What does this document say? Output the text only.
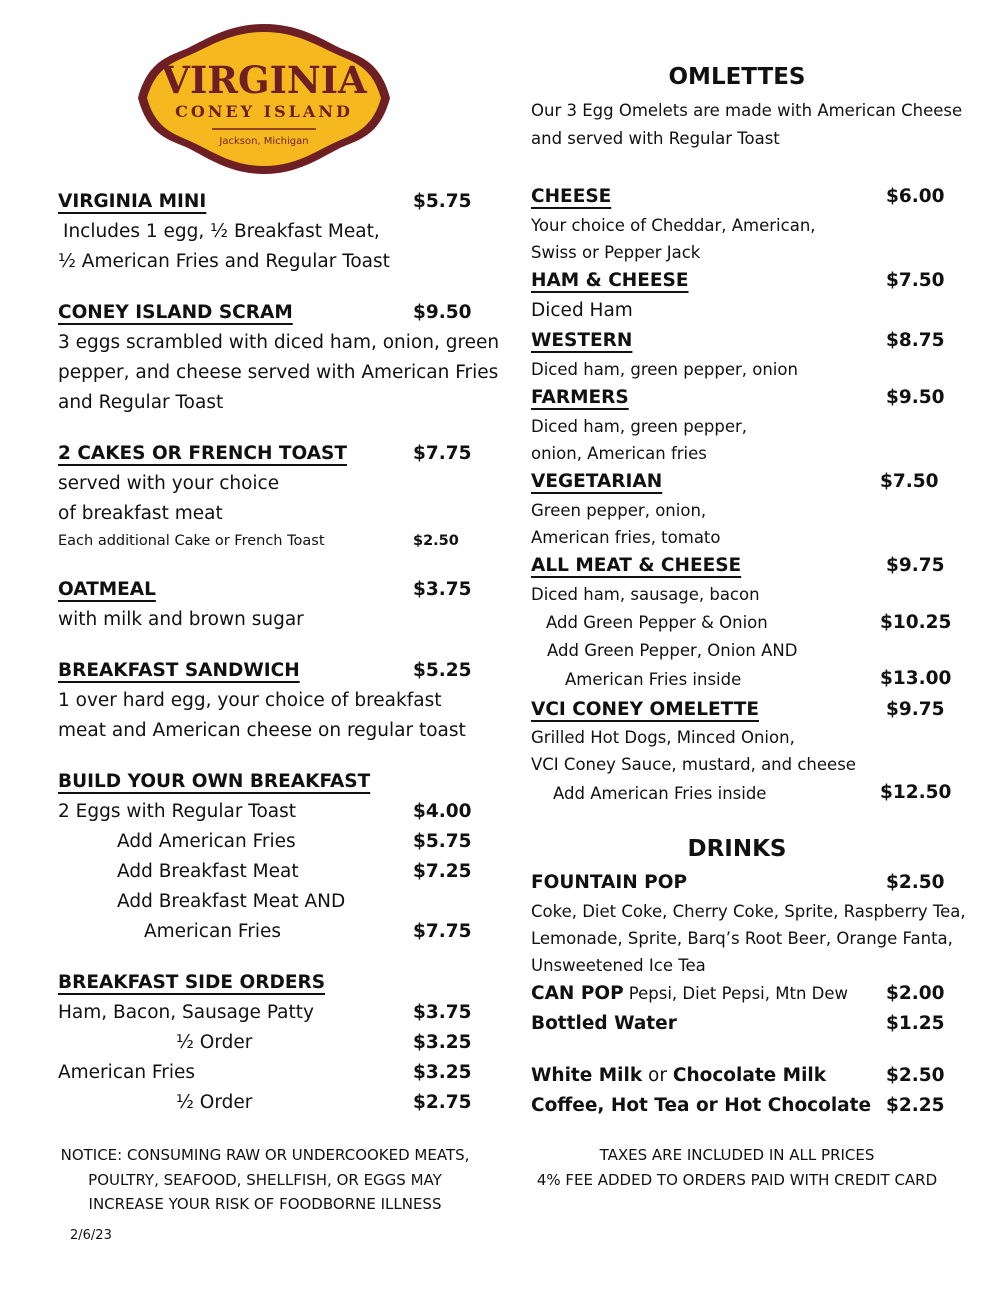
VIRGINIA
CONEY ISLAND
Jackson, Michigan
VIRGINIA MINI	$5.75
Includes 1 egg, ½ Breakfast Meat,
½ American Fries and Regular Toast
CONEY ISLAND SCRAM	$9.50
3 eggs scrambled with diced ham, onion, green
pepper, and cheese served with American Fries
and Regular Toast
2 CAKES OR FRENCH TOAST	$7.75
served with your choice
of breakfast meat
Each additional Cake or French Toast	$2.50
OATMEAL	$3.75
with milk and brown sugar
BREAKFAST SANDWICH	$5.25
1 over hard egg, your choice of breakfast
meat and American cheese on regular toast
BUILD YOUR OWN BREAKFAST
2 Eggs with Regular Toast	$4.00
Add American Fries	$5.75
Add Breakfast Meat	$7.25
Add Breakfast Meat AND
American Fries	$7.75
BREAKFAST SIDE ORDERS
Ham, Bacon, Sausage Patty	$3.75
½ Order	$3.25
American Fries	$3.25
½ Order	$2.75
NOTICE: CONSUMING RAW OR UNDERCOOKED MEATS,
POULTRY, SEAFOOD, SHELLFISH, OR EGGS MAY
INCREASE YOUR RISK OF FOODBORNE ILLNESS
2/6/23
OMLETTES
Our 3 Egg Omelets are made with American Cheese
and served with Regular Toast
CHEESE	$6.00
Your choice of Cheddar, American,
Swiss or Pepper Jack
HAM & CHEESE	$7.50
Diced Ham
WESTERN	$8.75
Diced ham, green pepper, onion
FARMERS	$9.50
Diced ham, green pepper,
onion, American fries
VEGETARIAN	$7.50
Green pepper, onion,
American fries, tomato
ALL MEAT & CHEESE	$9.75
Diced ham, sausage, bacon
Add Green Pepper & Onion	$10.25
Add Green Pepper, Onion AND
American Fries inside	$13.00
VCI CONEY OMELETTE	$9.75
Grilled Hot Dogs, Minced Onion,
VCI Coney Sauce, mustard, and cheese
Add American Fries inside	$12.50
DRINKS
FOUNTAIN POP	$2.50
Coke, Diet Coke, Cherry Coke, Sprite, Raspberry Tea,
Lemonade, Sprite, Barq’s Root Beer, Orange Fanta,
Unsweetened Ice Tea
CAN POP Pepsi, Diet Pepsi, Mtn Dew $2.00
Bottled Water	$1.25
White Milk or Chocolate Milk	$2.50
Coffee, Hot Tea or Hot Chocolate $2.25
TAXES ARE INCLUDED IN ALL PRICES
4% FEE ADDED TO ORDERS PAID WITH CREDIT CARD
